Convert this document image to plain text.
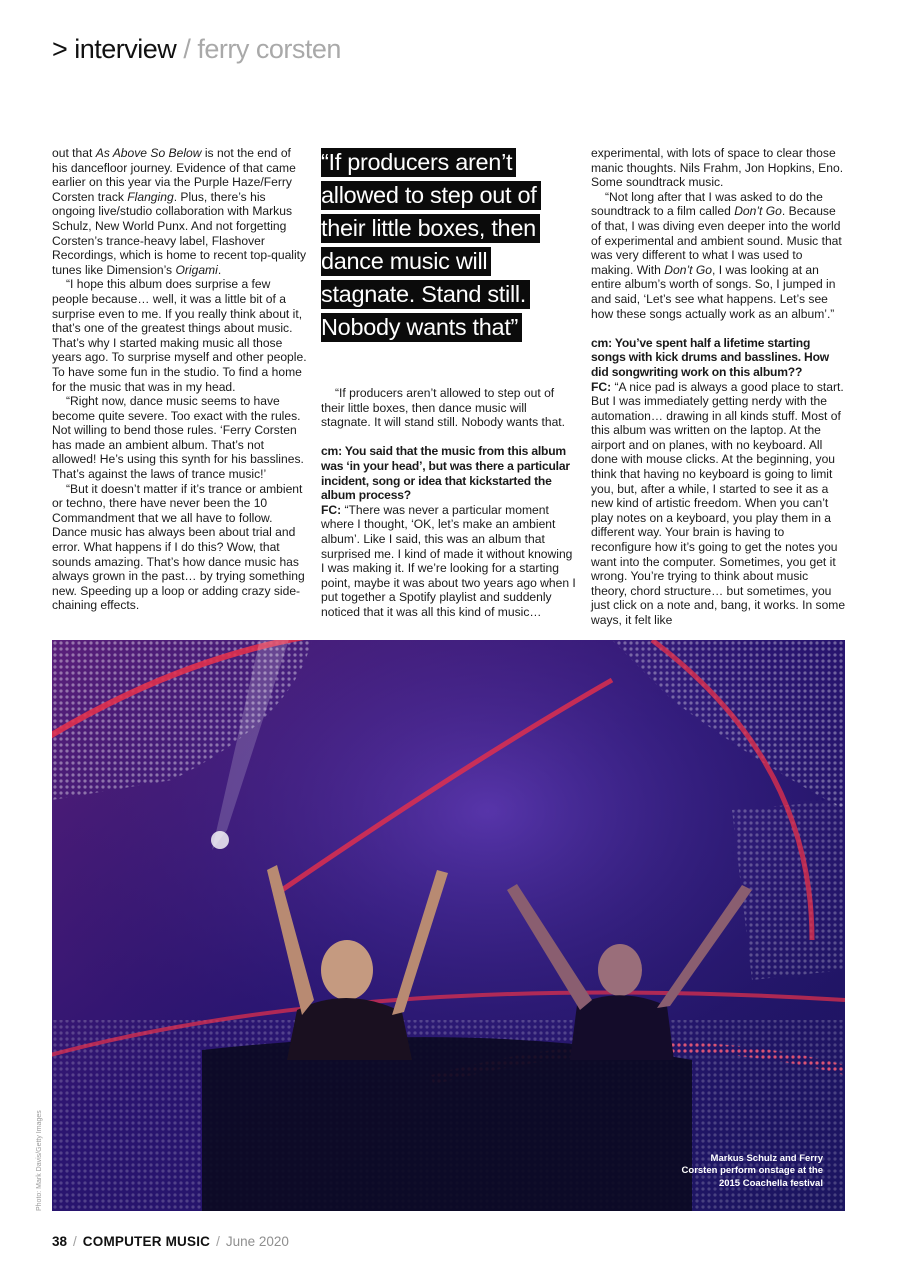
> interview / ferry corsten

out that As Above So Below is not the end of his dancefloor journey. Evidence of that came earlier on this year via the Purple Haze/Ferry Corsten track Flanging. Plus, there’s his ongoing live/studio collaboration with Markus Schulz, New World Punx. And not forgetting Corsten’s trance-heavy label, Flashover Recordings, which is home to recent top-quality tunes like Dimension’s Origami.

“I hope this album does surprise a few people because… well, it was a little bit of a surprise even to me. If you really think about it, that’s one of the greatest things about music. That’s why I started making music all those years ago. To surprise myself and other people. To have some fun in the studio. To find a home for the music that was in my head.

“Right now, dance music seems to have become quite severe. Too exact with the rules. Not willing to bend those rules. ‘Ferry Corsten has made an ambient album. That’s not allowed! He’s using this synth for his basslines. That’s against the laws of trance music!’

“But it doesn’t matter if it’s trance or ambient or techno, there have never been the 10 Commandment that we all have to follow. Dance music has always been about trial and error. What happens if I do this? Wow, that sounds amazing. That’s how dance music has always grown in the past… by trying something new. Speeding up a loop or adding crazy side-chaining effects.

“If producers aren’t allowed to step out of their little boxes, then dance music will stagnate. Stand still. Nobody wants that”

“If producers aren’t allowed to step out of their little boxes, then dance music will stagnate. It will stand still. Nobody wants that.

cm: You said that the music from this album was ‘in your head’, but was there a particular incident, song or idea that kickstarted the album process?

FC: “There was never a particular moment where I thought, ‘OK, let’s make an ambient album’. Like I said, this was an album that surprised me. I kind of made it without knowing I was making it. If we’re looking for a starting point, maybe it was about two years ago when I put together a Spotify playlist and suddenly noticed that it was all this kind of music…

experimental, with lots of space to clear those manic thoughts. Nils Frahm, Jon Hopkins, Eno. Some soundtrack music.

“Not long after that I was asked to do the soundtrack to a film called Don’t Go. Because of that, I was diving even deeper into the world of experimental and ambient sound. Music that was very different to what I was used to making. With Don’t Go, I was looking at an entire album’s worth of songs. So, I jumped in and said, ‘Let’s see what happens. Let’s see how these songs actually work as an album’.”

cm: You’ve spent half a lifetime starting songs with kick drums and basslines. How did songwriting work on this album??

FC: “A nice pad is always a good place to start. But I was immediately getting nerdy with the automation… drawing in all kinds stuff. Most of this album was written on the laptop. At the airport and on planes, with no keyboard. All done with mouse clicks. At the beginning, you think that having no keyboard is going to limit you, but, after a while, I started to see it as a new kind of artistic freedom. When you can’t play notes on a keyboard, you play them in a different way. Your brain is having to reconfigure how it’s going to get the notes you want into the computer. Sometimes, you get it wrong. You’re trying to think about music theory, chord structure… but sometimes, you just click on a note and, bang, it works. In some ways, it felt like

Markus Schulz and Ferry
Corsten perform onstage at the
2015 Coachella festival
Photo: Mark Davis/Getty Images
38 / COMPUTER MUSIC / June 2020
